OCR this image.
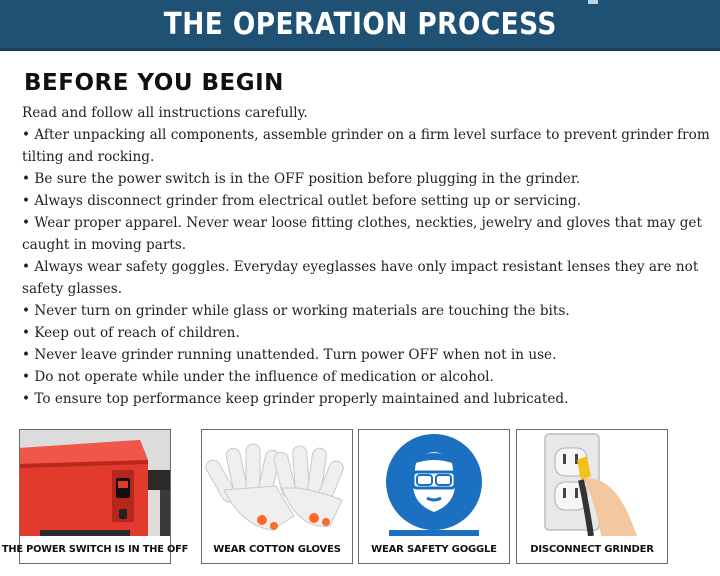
THE OPERATION PROCESS
BEFORE YOU BEGIN

Read and follow all instructions carefully.

• After unpacking all components, assemble grinder on a firm level surface to prevent grinder from tilting and rocking.

• Be sure the power switch is in the OFF position before plugging in the grinder.

• Always disconnect grinder from electrical outlet before setting up or servicing.

• Wear proper apparel. Never wear loose fitting clothes, neckties, jewelry and gloves that may get caught in moving parts.

• Always wear safety goggles. Everyday eyeglasses have only impact resistant lenses they are not safety glasses.

• Never turn on grinder while glass or working materials are touching the bits.

• Keep out of reach of children.

• Never leave grinder running unattended. Turn power OFF when not in use.

• Do not operate while under the influence of medication or alcohol.

• To ensure top performance keep grinder properly maintained and lubricated.

THE POWER SWITCH IS IN THE OFF	WEAR COTTON GLOVES	WEAR SAFETY GOGGLE	DISCONNECT GRINDER
